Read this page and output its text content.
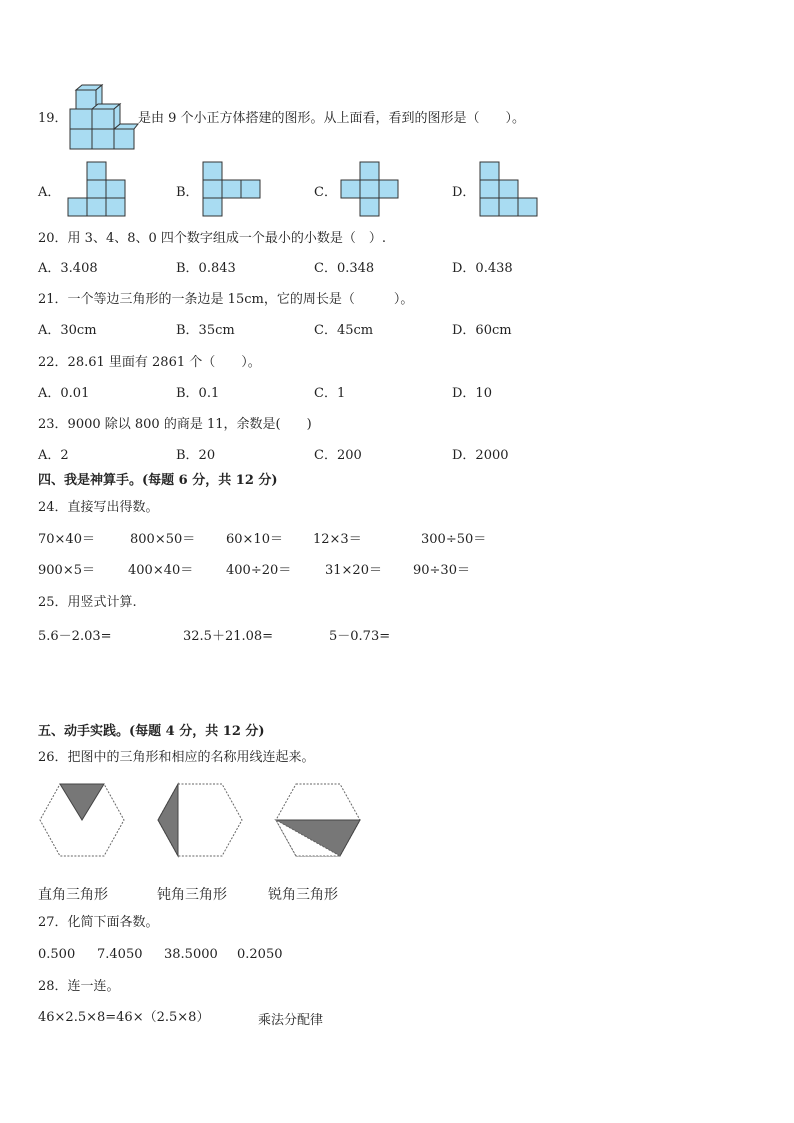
19．	是由 9 个小正方体搭建的图形。从上面看，看到的图形是（　　）。
A．	B．	C．	D．
20．用 3、4、8、0 四个数字组成一个最小的小数是（　）.
A．3.408	B．0.843	C．0.348	D．0.438
21．一个等边三角形的一条边是 15cm，它的周长是（　　　）。
A．30cm	B．35cm	C．45cm	D．60cm
22．28.61 里面有 2861 个（　　）。
A．0.01	B．0.1	C．1	D．10
23．9000 除以 800 的商是 11，余数是(　　)
A．2	B．20	C．200	D．2000
四、我是神算手。(每题 6 分，共 12 分)
24．直接写出得数。
70×40＝	800×50＝ 60×10＝ 12×3＝	300÷50＝
900×5＝	400×40＝	400÷20＝	31×20＝ 90÷30＝
25．用竖式计算.
5.6－2.03=	32.5＋21.08=	5－0.73=
五、动手实践。(每题 4 分，共 12 分)
26．把图中的三角形和相应的名称用线连起来。
直角三角形	钝角三角形	锐角三角形
27．化简下面各数。
0.500 7.4050 38.5000 0.2050
28．连一连。
46×2.5×8=46×（2.5×8）	乘法分配律
